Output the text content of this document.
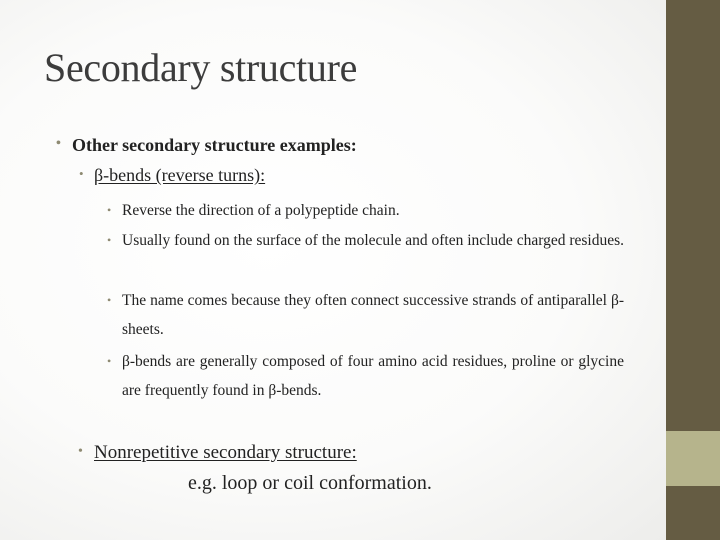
Secondary structure
• Other secondary structure examples:
• β-bends (reverse turns):
• Reverse the direction of a polypeptide chain.
• Usually found on the surface of the molecule and often include charged residues.
• The name comes because they often connect successive strands of antiparallel β-sheets.
• β-bends are generally composed of four amino acid residues, proline or glycine are frequently found in β-bends.
• Nonrepetitive secondary structure:
e.g. loop or coil conformation.
